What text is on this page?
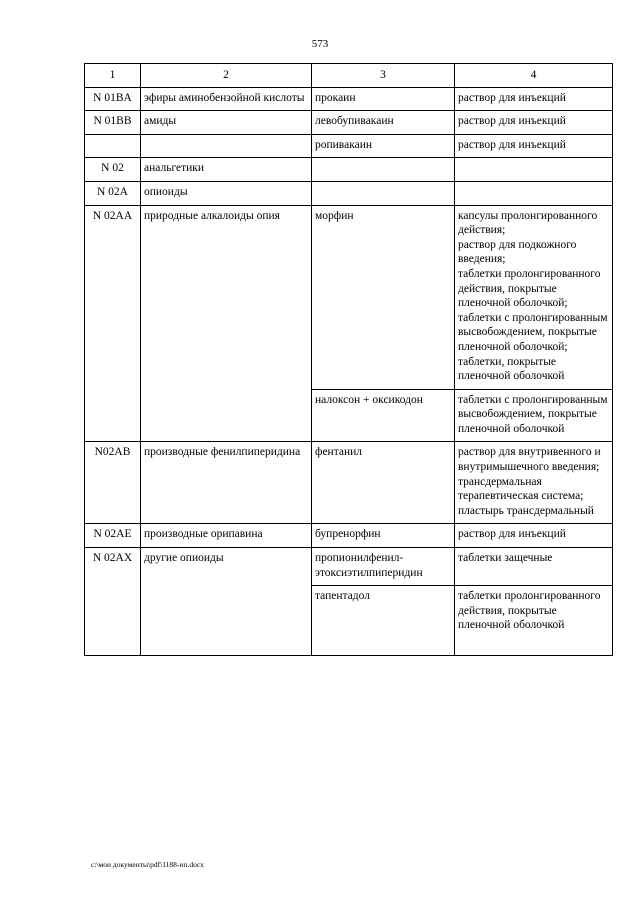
573
1	2	3	4
N 01BA	эфиры аминобензойной кислоты	прокаин	раствор для инъекций

N 01BB	амиды	левобупивакаин	раствор для инъекций

		ропивакаин	раствор для инъекций

N 02	анальгетики		
N 02A	опиоиды		
N 02AA	природные алкалоиды опия	морфин	капсулы пролонгированного действия;
раствор для подкожного введения;
таблетки пролонгированного действия, покрытые пленочной оболочкой;
таблетки с пролонгированным высвобождением, покрытые пленочной оболочкой;
таблетки, покрытые пленочной оболочкой

		налоксон + оксикодон	таблетки с пролонгированным высвобождением, покрытые пленочной оболочкой

N02AB	производные фенилпиперидина	фентанил	раствор для внутривенного и внутримышечного введения;
трансдермальная терапевтическая система;
пластырь трансдермальный

N 02AE	производные орипавина	бупренорфин	раствор для инъекций

N 02AX	другие опиоиды	пропионилфенил-этоксиэтилпиперидин	таблетки защечные

		тапентадол	таблетки пролонгированного действия, покрытые пленочной оболочкой
c:\мои документы\pdf\1188-ип.docx
